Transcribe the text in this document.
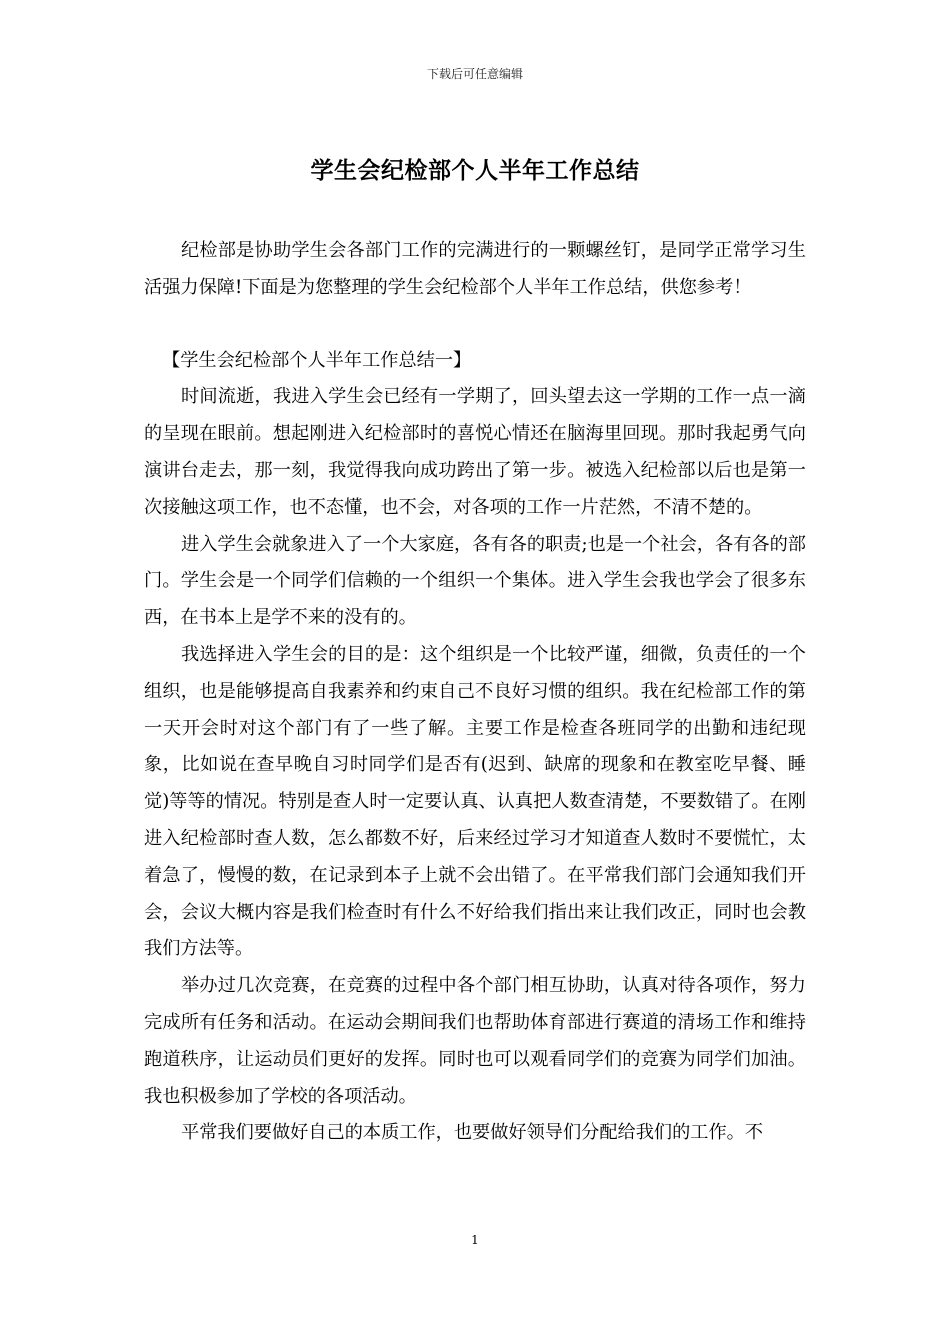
下载后可任意编辑
学生会纪检部个人半年工作总结

纪检部是协助学生会各部门工作的完满进行的一颗螺丝钉，是同学正常学习生活强力保障!下面是为您整理的学生会纪检部个人半年工作总结，供您参考！

【学生会纪检部个人半年工作总结一】

时间流逝，我进入学生会已经有一学期了，回头望去这一学期的工作一点一滴的呈现在眼前。想起刚进入纪检部时的喜悦心情还在脑海里回现。那时我起勇气向演讲台走去，那一刻，我觉得我向成功跨出了第一步。被选入纪检部以后也是第一次接触这项工作，也不态懂，也不会，对各项的工作一片茫然，不清不楚的。

进入学生会就象进入了一个大家庭，各有各的职责;也是一个社会，各有各的部门。学生会是一个同学们信赖的一个组织一个集体。进入学生会我也学会了很多东西，在书本上是学不来的没有的。

我选择进入学生会的目的是：这个组织是一个比较严谨，细微，负责任的一个组织，也是能够提高自我素养和约束自己不良好习惯的组织。我在纪检部工作的第一天开会时对这个部门有了一些了解。主要工作是检查各班同学的出勤和违纪现象，比如说在查早晚自习时同学们是否有(迟到、缺席的现象和在教室吃早餐、睡觉)等等的情况。特别是查人时一定要认真、认真把人数查清楚，不要数错了。在刚进入纪检部时查人数，怎么都数不好，后来经过学习才知道查人数时不要慌忙，太着急了，慢慢的数，在记录到本子上就不会出错了。在平常我们部门会通知我们开会，会议大概内容是我们检查时有什么不好给我们指出来让我们改正，同时也会教我们方法等。

举办过几次竞赛，在竞赛的过程中各个部门相互协助，认真对待各项作，努力完成所有任务和活动。在运动会期间我们也帮助体育部进行赛道的清场工作和维持跑道秩序，让运动员们更好的发挥。同时也可以观看同学们的竞赛为同学们加油。我也积极参加了学校的各项活动。

平常我们要做好自己的本质工作，也要做好领导们分配给我们的工作。不

1
